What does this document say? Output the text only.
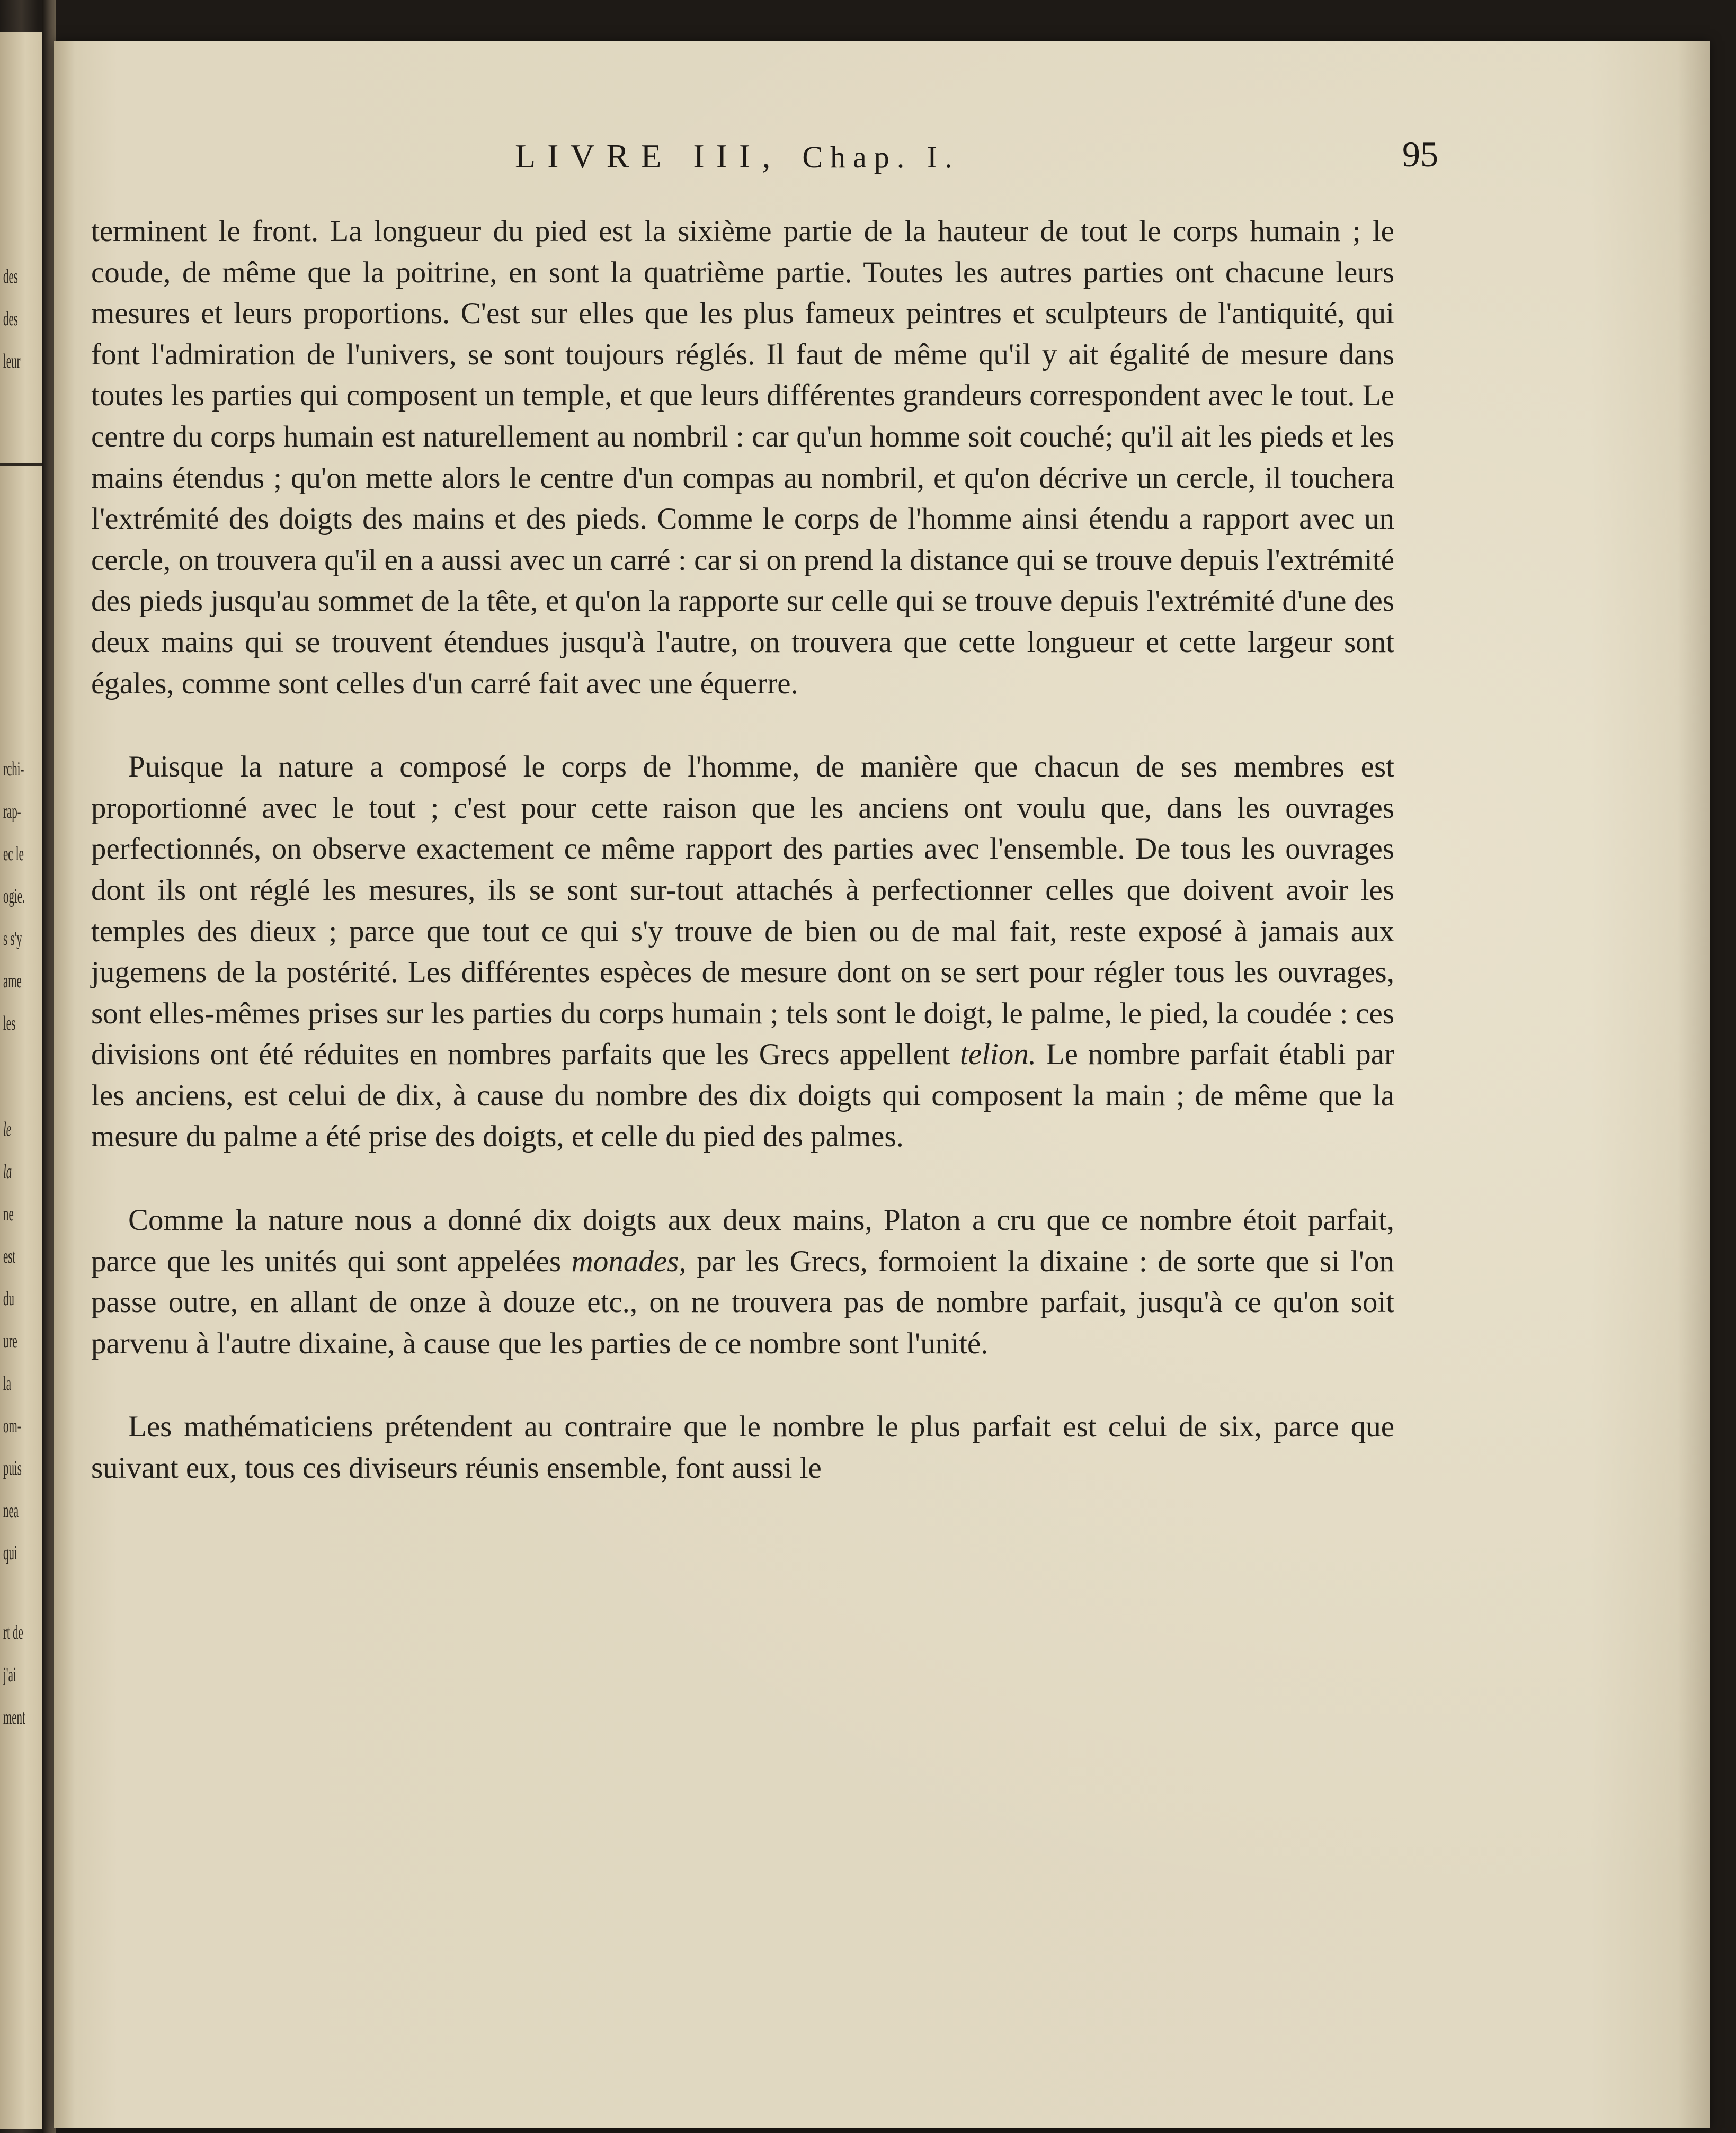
des
des
leur
rchi-
rap-
ec le
ogie.
s s'y
ame
les
le
la
ne
est
du
ure
la
om-
puis
nea
qui
rt de
j'ai
ment
LIVRE III, Chap. I.	95

terminent le front. La longueur du pied est la sixième partie de la hauteur de tout le corps humain ; le coude, de même que la poitrine, en sont la quatrième partie. Toutes les autres parties ont chacune leurs mesures et leurs proportions. C'est sur elles que les plus fameux peintres et sculpteurs de l'antiquité, qui font l'admiration de l'univers, se sont toujours réglés. Il faut de même qu'il y ait égalité de mesure dans toutes les parties qui composent un temple, et que leurs différentes grandeurs correspondent avec le tout. Le centre du corps humain est naturellement au nombril : car qu'un homme soit couché; qu'il ait les pieds et les mains étendus ; qu'on mette alors le centre d'un compas au nombril, et qu'on décrive un cercle, il touchera l'extrémité des doigts des mains et des pieds. Comme le corps de l'homme ainsi étendu a rapport avec un cercle, on trouvera qu'il en a aussi avec un carré : car si on prend la distance qui se trouve depuis l'extrémité des pieds jusqu'au sommet de la tête, et qu'on la rapporte sur celle qui se trouve depuis l'extrémité d'une des deux mains qui se trouvent étendues jusqu'à l'autre, on trouvera que cette longueur et cette largeur sont égales, comme sont celles d'un carré fait avec une équerre.

Puisque la nature a composé le corps de l'homme, de manière que chacun de ses membres est proportionné avec le tout ; c'est pour cette raison que les anciens ont voulu que, dans les ouvrages perfectionnés, on observe exactement ce même rapport des parties avec l'ensemble. De tous les ouvrages dont ils ont réglé les mesures, ils se sont sur-tout attachés à perfectionner celles que doivent avoir les temples des dieux ; parce que tout ce qui s'y trouve de bien ou de mal fait, reste exposé à jamais aux jugemens de la postérité. Les différentes espèces de mesure dont on se sert pour régler tous les ouvrages, sont elles-mêmes prises sur les parties du corps humain ; tels sont le doigt, le palme, le pied, la coudée : ces divisions ont été réduites en nombres parfaits que les Grecs appellent telion. Le nombre parfait établi par les anciens, est celui de dix, à cause du nombre des dix doigts qui composent la main ; de même que la mesure du palme a été prise des doigts, et celle du pied des palmes.

Comme la nature nous a donné dix doigts aux deux mains, Platon a cru que ce nombre étoit parfait, parce que les unités qui sont appelées monades, par les Grecs, formoient la dixaine : de sorte que si l'on passe outre, en allant de onze à douze etc., on ne trouvera pas de nombre parfait, jusqu'à ce qu'on soit parvenu à l'autre dixaine, à cause que les parties de ce nombre sont l'unité.

Les mathématiciens prétendent au contraire que le nombre le plus parfait est celui de six, parce que suivant eux, tous ces diviseurs réunis ensemble, font aussi le
